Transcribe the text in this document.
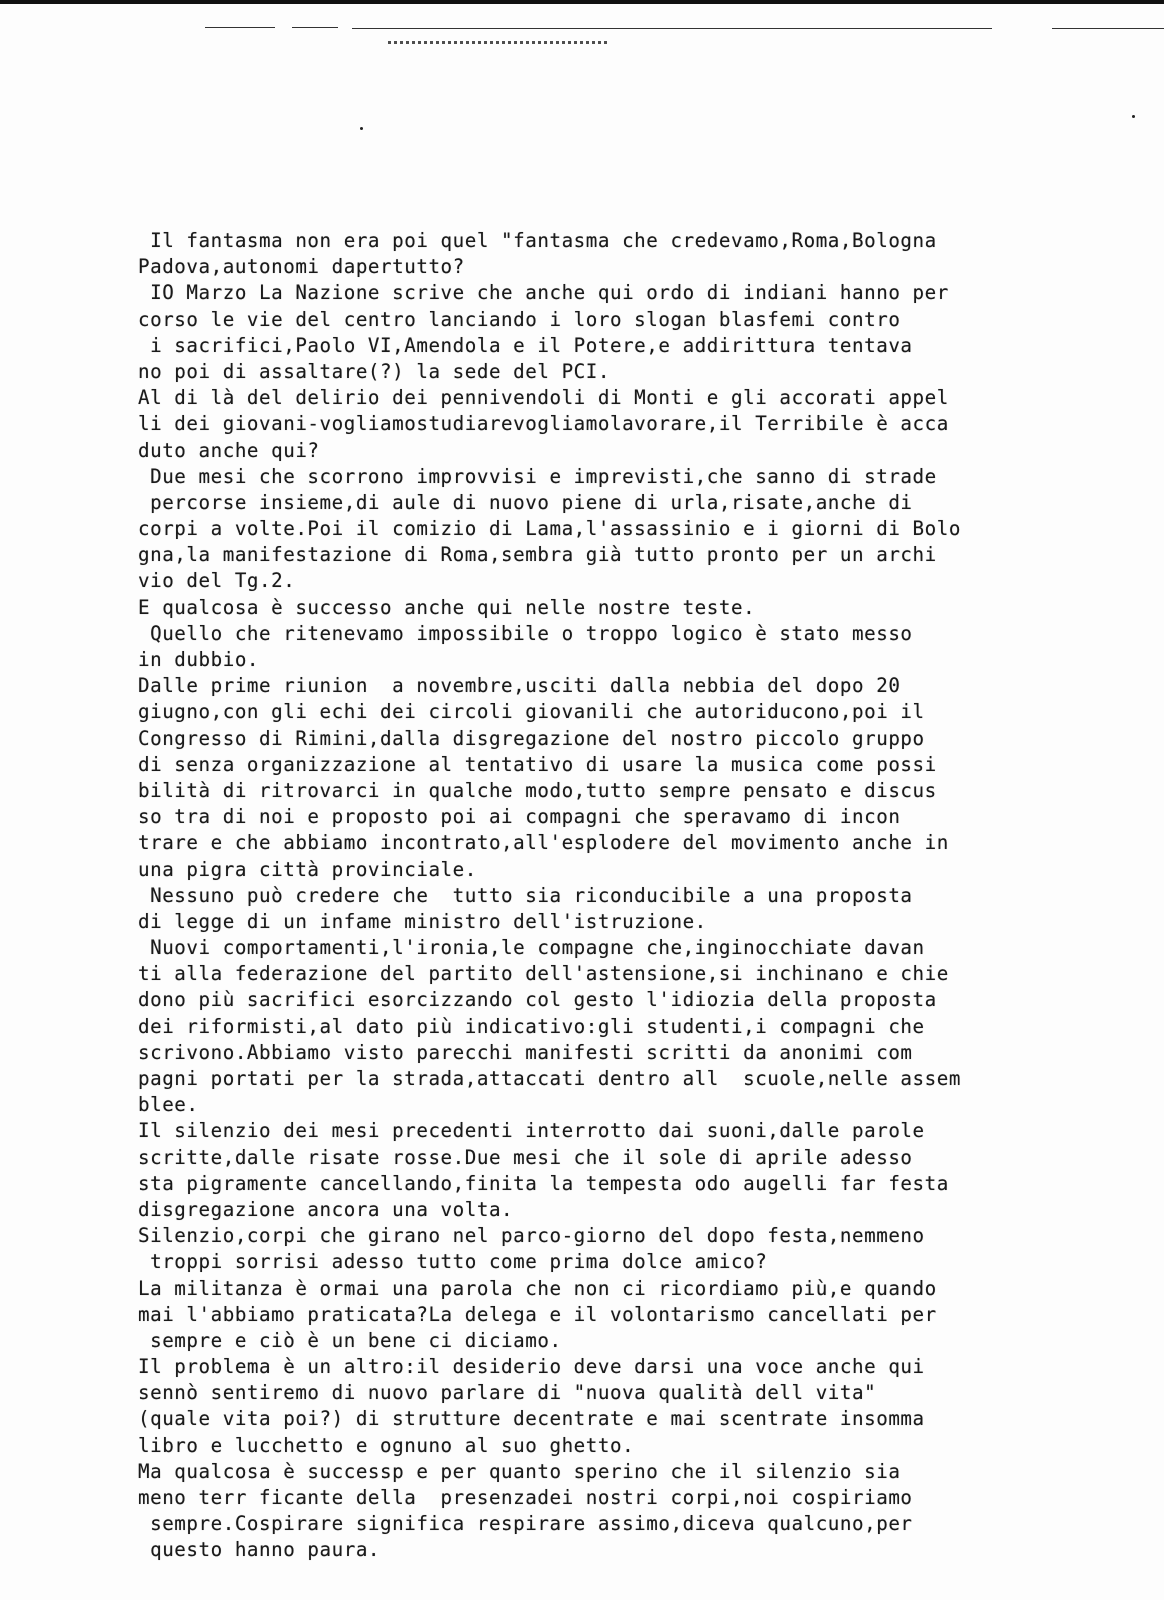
Il fantasma non era poi quel "fantasma che credevamo,Roma,Bologna
Padova,autonomi dapertutto?
IO Marzo La Nazione scrive che anche qui ordo di indiani hanno per
corso le vie del centro lanciando i loro slogan blasfemi contro
i sacrifici,Paolo VI,Amendola e il Potere,e addirittura tentava
no poi di assaltare(?) la sede del PCI.
Al di là del delirio dei pennivendoli di Monti e gli accorati appel
li dei giovani-vogliamostudiarevogliamolavorare,il Terribile è acca
duto anche qui?
Due mesi che scorrono improvvisi e imprevisti,che sanno di strade
percorse insieme,di aule di nuovo piene di urla,risate,anche di
corpi a volte.Poi il comizio di Lama,l'assassinio e i giorni di Bolo
gna,la manifestazione di Roma,sembra già tutto pronto per un archi
vio del Tg.2.
E qualcosa è successo anche qui nelle nostre teste.
Quello che ritenevamo impossibile o troppo logico è stato messo
in dubbio.
Dalle prime riunion  a novembre,usciti dalla nebbia del dopo 20
giugno,con gli echi dei circoli giovanili che autoriducono,poi il
Congresso di Rimini,dalla disgregazione del nostro piccolo gruppo
di senza organizzazione al tentativo di usare la musica come possi
bilità di ritrovarci in qualche modo,tutto sempre pensato e discus
so tra di noi e proposto poi ai compagni che speravamo di incon
trare e che abbiamo incontrato,all'esplodere del movimento anche in
una pigra città provinciale.
Nessuno può credere che  tutto sia riconducibile a una proposta
di legge di un infame ministro dell'istruzione.
Nuovi comportamenti,l'ironia,le compagne che,inginocchiate davan
ti alla federazione del partito dell'astensione,si inchinano e chie
dono più sacrifici esorcizzando col gesto l'idiozia della proposta
dei riformisti,al dato più indicativo:gli studenti,i compagni che
scrivono.Abbiamo visto parecchi manifesti scritti da anonimi com
pagni portati per la strada,attaccati dentro all  scuole,nelle assem
blee.
Il silenzio dei mesi precedenti interrotto dai suoni,dalle parole
scritte,dalle risate rosse.Due mesi che il sole di aprile adesso
sta pigramente cancellando,finita la tempesta odo augelli far festa
disgregazione ancora una volta.
Silenzio,corpi che girano nel parco-giorno del dopo festa,nemmeno
troppi sorrisi adesso tutto come prima dolce amico?
La militanza è ormai una parola che non ci ricordiamo più,e quando
mai l'abbiamo praticata?La delega e il volontarismo cancellati per
sempre e ciò è un bene ci diciamo.
Il problema è un altro:il desiderio deve darsi una voce anche qui
sennò sentiremo di nuovo parlare di "nuova qualità dell vita"
(quale vita poi?) di strutture decentrate e mai scentrate insomma
libro e lucchetto e ognuno al suo ghetto.
Ma qualcosa è successp e per quanto sperino che il silenzio sia
meno terr ficante della  presenzadei nostri corpi,noi cospiriamo
sempre.Cospirare significa respirare assimo,diceva qualcuno,per
questo hanno paura.
